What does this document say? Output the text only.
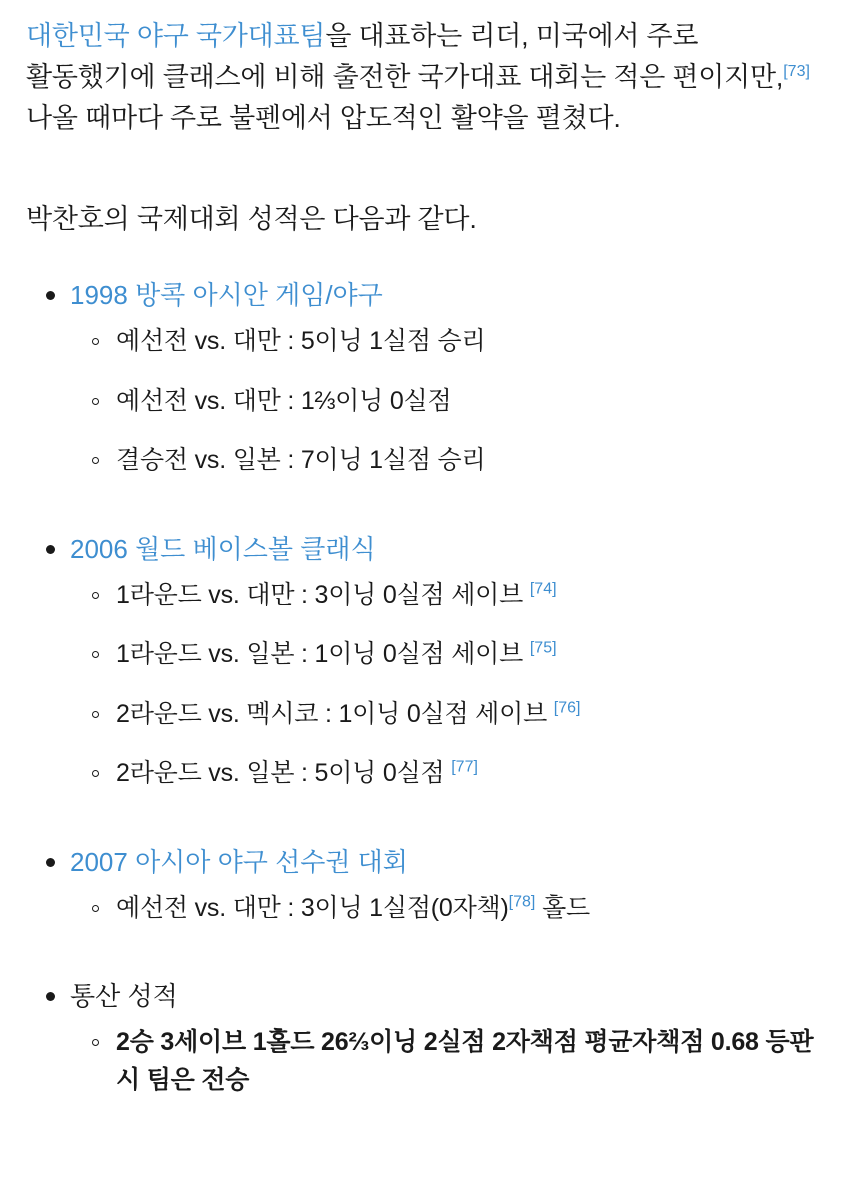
대한민국 야구 국가대표팀을 대표하는 리더, 미국에서 주로 활동했기에 클래스에 비해 출전한 국가대표 대회는 적은 편이지만,[73] 나올 때마다 주로 불펜에서 압도적인 활약을 펼쳤다.

박찬호의 국제대회 성적은 다음과 같다.

1998 방콕 아시안 게임/야구
예선전 vs. 대만 : 5이닝 1실점 승리
예선전 vs. 대만 : 1⅔이닝 0실점
결승전 vs. 일본 : 7이닝 1실점 승리
2006 월드 베이스볼 클래식
1라운드 vs. 대만 : 3이닝 0실점 세이브 [74]
1라운드 vs. 일본 : 1이닝 0실점 세이브 [75]
2라운드 vs. 멕시코 : 1이닝 0실점 세이브 [76]
2라운드 vs. 일본 : 5이닝 0실점 [77]
2007 아시아 야구 선수권 대회
예선전 vs. 대만 : 3이닝 1실점(0자책)[78] 홀드
통산 성적
2승 3세이브 1홀드 26⅔이닝 2실점 2자책점 평균자책점 0.68 등판시 팀은 전승
